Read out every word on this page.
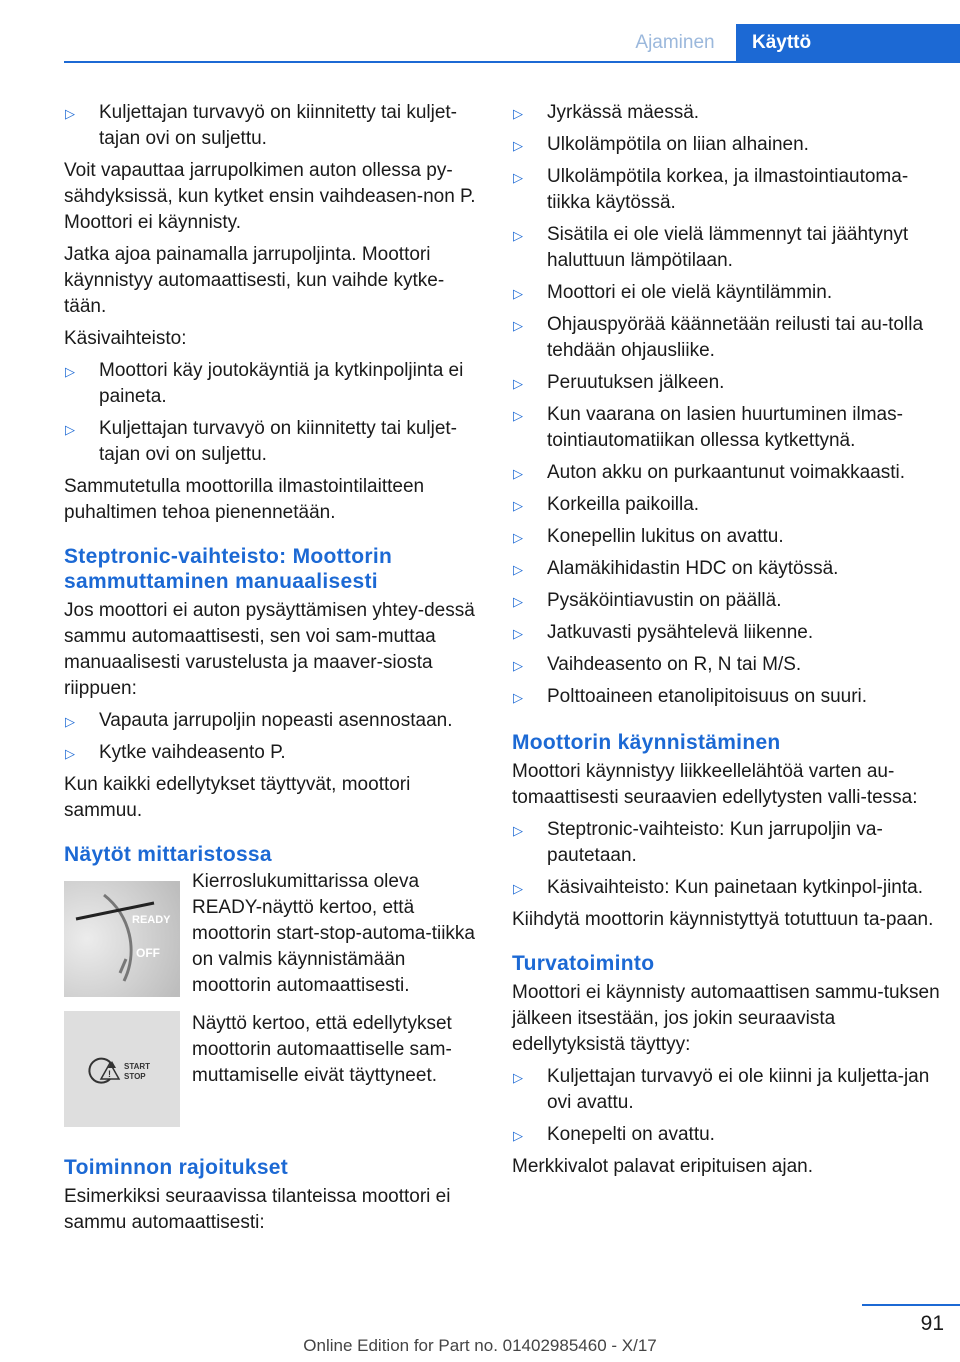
Ajaminen	Käyttö
▷ Kuljettajan turvavyö on kiinnitetty tai kuljet‐tajan ovi on suljettu.
Voit vapauttaa jarrupolkimen auton ollessa py‐sähdyksissä, kun kytket ensin vaihdeasen‐non P. Moottori ei käynnisty.
Jatka ajoa painamalla jarrupoljinta. Moottori käynnistyy automaattisesti, kun vaihde kytke‐tään.
Käsivaihteisto:
▷ Moottori käy joutokäyntiä ja kytkinpoljinta ei paineta.
▷ Kuljettajan turvavyö on kiinnitetty tai kuljet‐tajan ovi on suljettu.
Sammutetulla moottorilla ilmastointilaitteen puhaltimen tehoa pienennetään.
Steptronic-vaihteisto: Moottorin sammuttaminen manuaalisesti
Jos moottori ei auton pysäyttämisen yhtey‐dessä sammu automaattisesti, sen voi sam‐muttaa manuaalisesti varustelusta ja maaver‐siosta riippuen:
▷ Vapauta jarrupoljin nopeasti asennostaan.
▷ Kytke vaihdeasento P.
Kun kaikki edellytykset täyttyvät, moottori sammuu.
Näytöt mittaristossa
READY
OFF
Kierroslukumittarissa oleva READY-näyttö kertoo, että moottorin start-stop-automa‐tiikka on valmis käynnistämään moottorin automaattisesti.
!
START
STOP
Näyttö kertoo, että edellytykset moottorin automaattiselle sam‐muttamiselle eivät täyttyneet.
Toiminnon rajoitukset
Esimerkiksi seuraavissa tilanteissa moottori ei sammu automaattisesti:
▷ Jyrkässä mäessä.
▷ Ulkolämpötila on liian alhainen.
▷ Ulkolämpötila korkea, ja ilmastointiautoma‐tiikka käytössä.
▷ Sisätila ei ole vielä lämmennyt tai jäähtynyt haluttuun lämpötilaan.
▷ Moottori ei ole vielä käyntilämmin.
▷ Ohjauspyörää käännetään reilusti tai au‐tolla tehdään ohjausliike.
▷ Peruutuksen jälkeen.
▷ Kun vaarana on lasien huurtuminen ilmas‐tointiautomatiikan ollessa kytkettynä.
▷ Auton akku on purkaantunut voimakkaasti.
▷ Korkeilla paikoilla.
▷ Konepellin lukitus on avattu.
▷ Alamäkihidastin HDC on käytössä.
▷ Pysäköintiavustin on päällä.
▷ Jatkuvasti pysähtelevä liikenne.
▷ Vaihdeasento on R, N tai M/S.
▷ Polttoaineen etanolipitoisuus on suuri.
Moottorin käynnistäminen
Moottori käynnistyy liikkeellelähtöä varten au‐tomaattisesti seuraavien edellytysten valli‐tessa:
▷ Steptronic-vaihteisto: Kun jarrupoljin va‐pautetaan.
▷ Käsivaihteisto: Kun painetaan kytkinpol‐jinta.
Kiihdytä moottorin käynnistyttyä totuttuun ta‐paan.
Turvatoiminto
Moottori ei käynnisty automaattisen sammu‐tuksen jälkeen itsestään, jos jokin seuraavista edellytyksistä täyttyy:
▷ Kuljettajan turvavyö ei ole kiinni ja kuljetta‐jan ovi avattu.
▷ Konepelti on avattu.
Merkkivalot palavat eripituisen ajan.
91
Online Edition for Part no. 01402985460 - X/17
